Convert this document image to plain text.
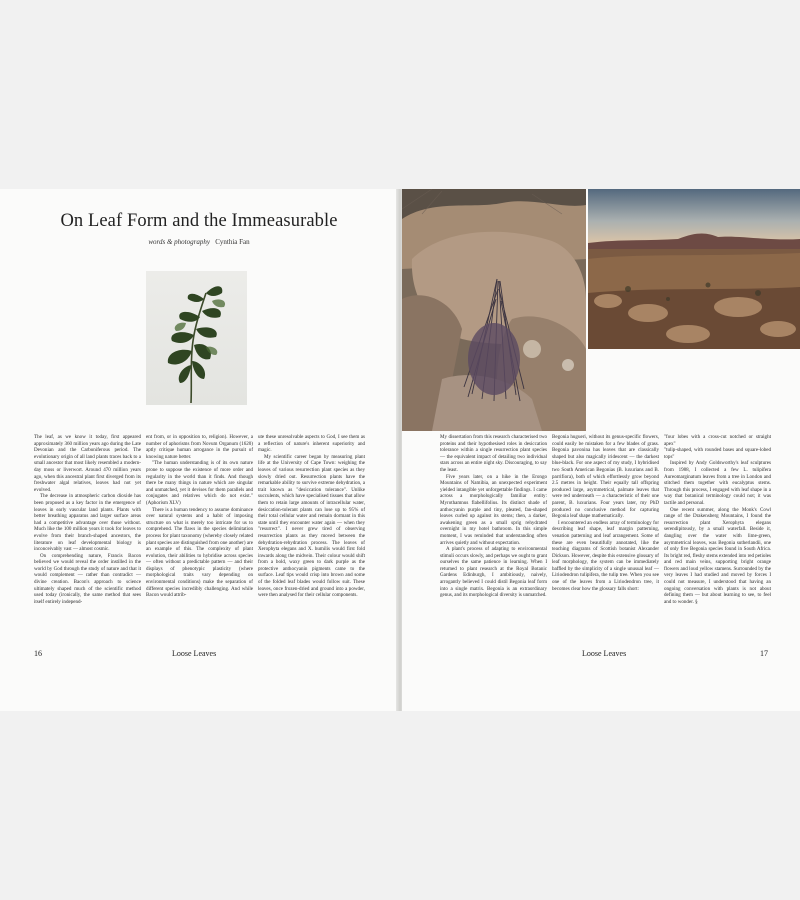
On Leaf Form and the Immeasurable
words & photography Cynthia Fan

The leaf, as we know it today, first appeared approximately 360 million years ago during the Late Devonian and the Carboniferous period. The evolutionary origin of all land plants traces back to a small ancestor that most likely resembled a modern-day moss or liverwort. Around 470 million years ago, when this ancestral plant first diverged from its freshwater algal relatives, leaves had not yet evolved.

The decrease in atmospheric carbon dioxide has been proposed as a key factor in the emergence of leaves in early vascular land plants. Plants with better breathing apparatus and larger surface areas had a competitive advantage over those without. Much like the 100 million years it took for leaves to evolve from their branch-shaped ancestors, the literature on leaf developmental biology is inconceivably vast — almost cosmic.

On comprehending nature, Francis Bacon believed we would reveal the order instilled in the world by God through the study of nature and that it would complement — rather than contradict — divine creation. Bacon's approach to science ultimately shaped much of the scientific method used today (ironically, the same method that sees itself entirely independ-

ent from, or in opposition to, religion). However, a number of aphorisms from Novum Organum (1620) aptly critique human arrogance in the pursuit of knowing nature better.

"The human understanding is of its own nature prone to suppose the existence of more order and regularity in the world than it finds. And though there be many things in nature which are singular and unmatched, yet it devises for them parallels and conjugates and relatives which do not exist." (Aphorism XLV)

There is a human tendency to assume dominance over natural systems and a habit of imposing structure on what is merely too intricate for us to comprehend. The flaws in the species delimitation process for plant taxonomy (whereby closely related plant species are distinguished from one another) are an example of this. The complexity of plant evolution, their abilities to hybridise across species — often without a predictable pattern — and their displays of phenotypic plasticity (where morphological traits vary depending on environmental conditions) make the separation of different species incredibly challenging. And while Bacon would attrib-

ute these unresolvable aspects to God, I see them as a reflection of nature's inherent superiority and magic.

My scientific career began by measuring plant life at the University of Cape Town: weighing the leaves of various resurrection plant species as they slowly dried out. Resurrection plants have the remarkable ability to survive extreme dehydration, a trait known as "desiccation tolerance". Unlike succulents, which have specialised tissues that allow them to retain large amounts of intracellular water, desiccation-tolerant plants can lose up to 95% of their total cellular water and remain dormant in this state until they encounter water again — when they "resurrect". I never grew tired of observing resurrection plants as they moved between the dehydration-rehydration process. The leaves of Xerophyta elegans and X. humilis would first fold inwards along the midvein. Their colour would shift from a bold, waxy green to dark purple as the protective anthocyanin pigments came to the surface. Leaf tips would crisp into brown and some of the folded leaf blades would follow suit. These leaves, once frozen-dried and ground into a powder, were then analysed for their cellular components.

16	Loose Leaves

My dissertation from this research characterised two proteins and their hypothesised roles in desiccation tolerance within a single resurrection plant species — the equivalent impact of detailing two individual stars across an entire night sky. Discouraging, to say the least.

Five years later, on a hike in the Erongo Mountains of Namibia, an unexpected experiment yielded intangible yet unforgettable findings. I came across a morphologically familiar entity: Myrothamnus flabellifolius. Its distinct shade of anthocyanin purple and tiny, pleated, fan-shaped leaves curled up against its stems; then, a darker, awakening green as a small sprig rehydrated overnight in my hotel bathroom. In this simple moment, I was reminded that understanding often arrives quietly and without expectation.

A plant's process of adapting to environmental stimuli occurs slowly, and perhaps we ought to grant ourselves the same patience in learning. When I returned to plant research at the Royal Botanic Gardens Edinburgh, I ambitiously, naively, arrogantly believed I could distil Begonia leaf form into a single matrix. Begonia is an extraordinary genus, and its morphological diversity is unmatched.

Begonia hugueri, without its genus-specific flowers, could easily be mistaken for a few blades of grass. Begonia pavonina has leaves that are classically shaped but also magically iridescent — the darkest blue-black. For one aspect of my study, I hybridised two South American Begonias (B. luxurians and B. parrifiora), both of which effortlessly grow beyond 2.5 metres in height. Their equally tall offspring produced large, asymmetrical, palmate leaves that were red underneath — a characteristic of their one parent, B. luxurians. Four years later, my PhD produced no conclusive method for capturing Begonia leaf shape mathematically.

I encountered an endless array of terminology for describing leaf shape, leaf margin patterning, venation patterning and leaf arrangement. Some of these are even beautifully annotated, like the teaching diagrams of Scottish botanist Alexander Dickson. However, despite this extensive glossary of leaf morphology, the system can be immediately baffled by the simplicity of a single unusual leaf — Liriodendron tulipifera, the tulip tree. When you see one of the leaves from a Liriodendron tree, it becomes clear how the glossary falls short:

"four lobes with a cross-cut notched or straight apex"

"tulip-shaped, with rounded bases and square-lobed tops"

Inspired by Andy Goldsworthy's leaf sculptures from 1988, I collected a few L. tulipifera Aureomarginatum leaves from a tree in London and stitched them together with eucalyptus stems. Through this process, I engaged with leaf shape in a way that botanical terminology could not; it was tactile and personal.

One recent summer, along the Monk's Cowl range of the Drakensberg Mountains, I found the resurrection plant Xerophyta elegans serendipitously, by a small waterfall. Beside it, dangling over the water with lime-green, asymmetrical leaves, was Begonia sutherlandii, one of only five Begonia species found in South Africa. Its bright red, fleshy stems extended into red petioles and red main veins, supporting bright orange flowers and loud yellow stamens. Surrounded by the very leaves I had studied and moved by forces I could not measure, I understood that having an ongoing conversation with plants is not about defining them — but about learning to see, to feel and to wonder. §

Loose Leaves	17
